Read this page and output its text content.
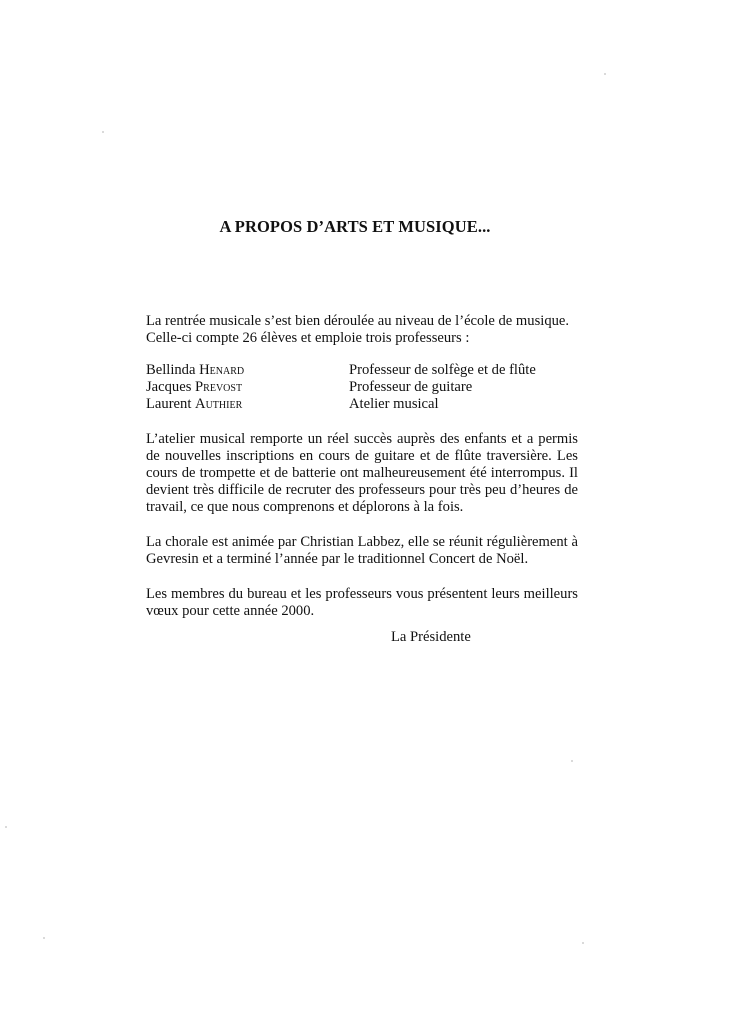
A PROPOS D’ARTS ET MUSIQUE...

La rentrée musicale s’est bien déroulée au niveau de l’école de musique. Celle-ci compte 26 élèves et emploie trois professeurs :

Bellinda Henard	Professeur de solfège et de flûte
Jacques Prevost	Professeur de guitare
Laurent Authier	Atelier musical

L’atelier musical remporte un réel succès auprès des enfants et a permis de nouvelles inscriptions en cours de guitare et de flûte traversière. Les cours de trompette et de batterie ont malheureusement été interrompus. Il devient très difficile de recruter des professeurs pour très peu d’heures de travail, ce que nous comprenons et déplorons à la fois.

La chorale est animée par Christian Labbez, elle se réunit régulièrement à Gevresin et a terminé l’année par le traditionnel Concert de Noël.

Les membres du bureau et les professeurs vous présentent leurs meilleurs vœux pour cette année 2000.

La Présidente
